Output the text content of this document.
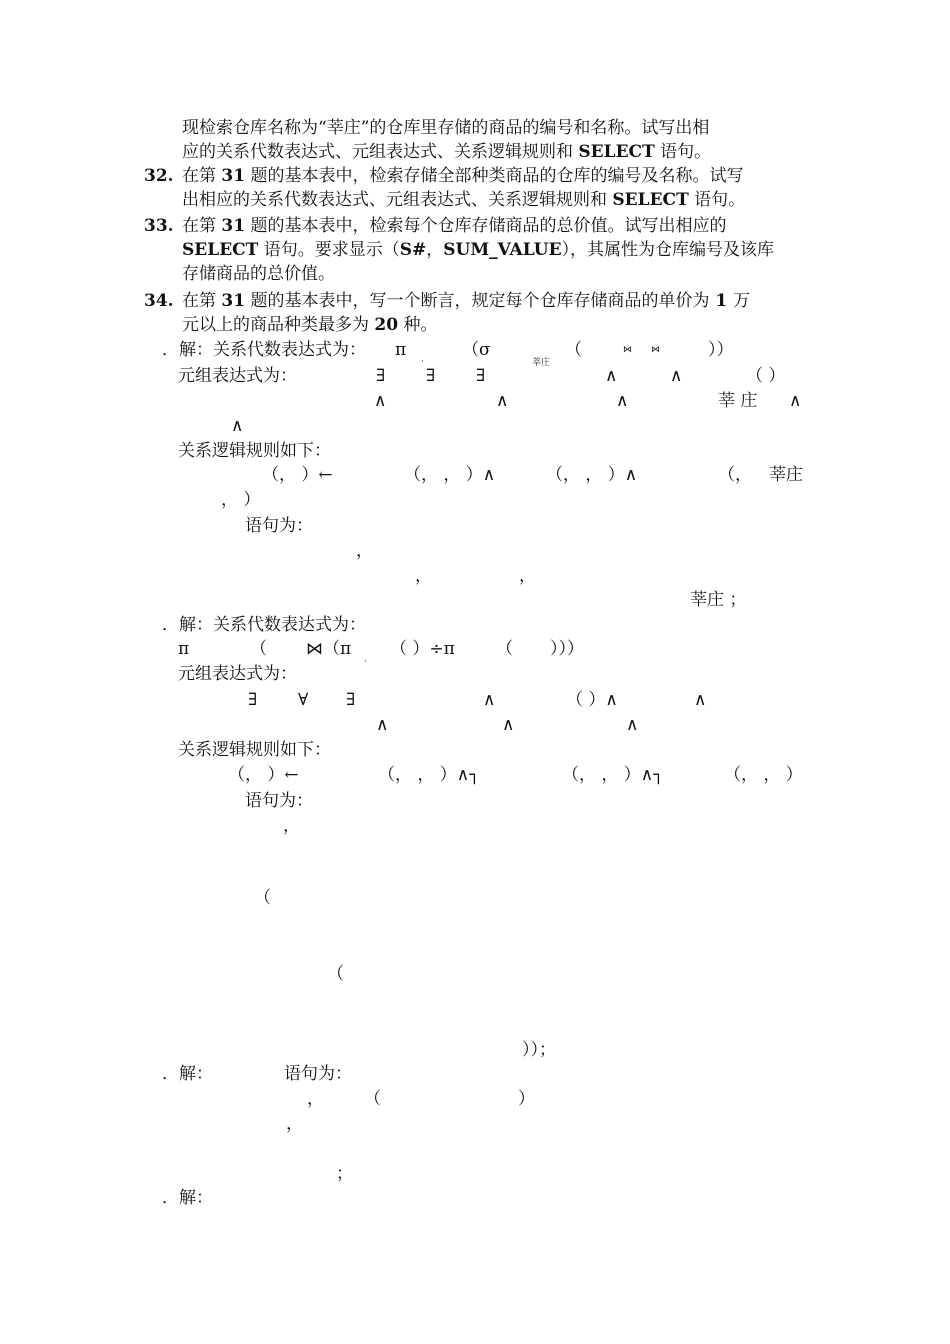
现检索仓库名称为“莘庄”的仓库里存储的商品的编号和名称。试写出相
应的关系代数表达式、元组表达式、关系逻辑规则和 SELECT 语句。
32. 在第 31 题的基本表中，检索存储全部种类商品的仓库的编号及名称。试写
出相应的关系代数表达式、元组表达式、关系逻辑规则和 SELECT 语句。
33. 在第 31 题的基本表中，检索每个仓库存储商品的总价值。试写出相应的
SELECT 语句。要求显示（S#，SUM_VALUE），其属性为仓库编号及该库
存储商品的总价值。
34. 在第 31 题的基本表中，写一个断言，规定每个仓库存储商品的单价为 1 万
元以上的商品种类最多为 20 种。
．解：关系代数表达式为： π	（σ
·	莘庄
（	⋈ ⋈	））
元组表达式为：	∃ ∃ ∃	∧	∧	（ ）
∧	∧	∧	莘 庄 ∧
∧
关系逻辑规则如下：
（， ）←	（， ， ）∧	（， ， ）∧	（， 莘庄
， ）
语句为：
，
，	，
莘庄 ；
．解：关系代数表达式为：
π	（ ⋈（π
·
（ ）÷π （ ）））
元组表达式为：
∃ ∀ ∃	∧	（ ）∧	∧
∧	∧	∧
关系逻辑规则如下：
（， ）←	（， ， ）∧┐	（， ， ）∧┐	（， ， ）
语句为：
，
（
（
））；
．解：	语句为：
， （	）
，
；
．解：
